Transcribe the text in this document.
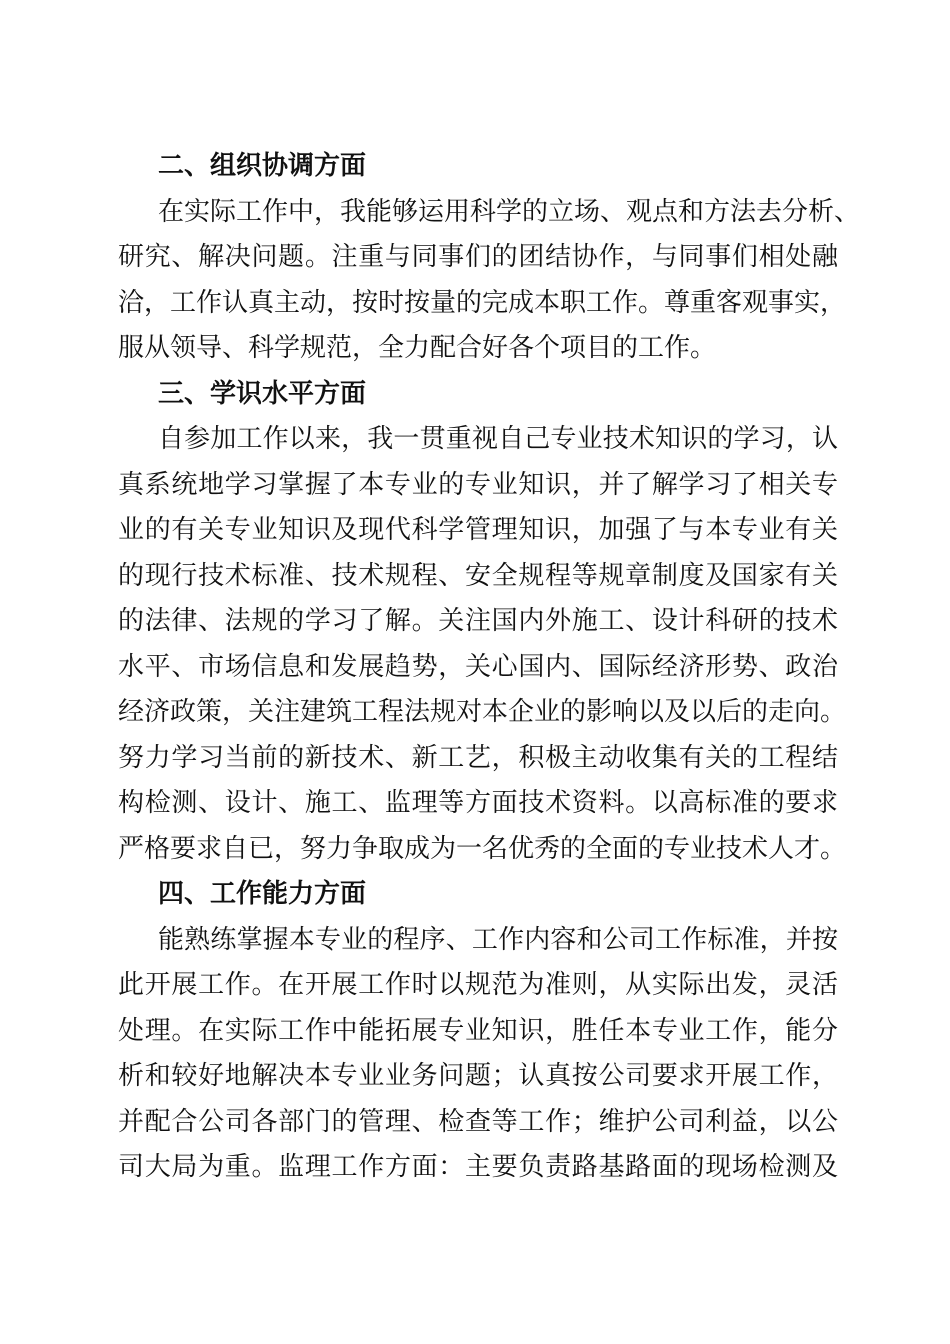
二、组织协调方面

在实际工作中，我能够运用科学的立场、观点和方法去分析、
研究、解决问题。注重与同事们的团结协作，与同事们相处融
洽，工作认真主动，按时按量的完成本职工作。尊重客观事实，
服从领导、科学规范，全力配合好各个项目的工作。

三、学识水平方面

自参加工作以来，我一贯重视自己专业技术知识的学习，认
真系统地学习掌握了本专业的专业知识，并了解学习了相关专
业的有关专业知识及现代科学管理知识，加强了与本专业有关
的现行技术标准、技术规程、安全规程等规章制度及国家有关
的法律、法规的学习了解。关注国内外施工、设计科研的技术
水平、市场信息和发展趋势，关心国内、国际经济形势、政治
经济政策，关注建筑工程法规对本企业的影响以及以后的走向。
努力学习当前的新技术、新工艺，积极主动收集有关的工程结
构检测、设计、施工、监理等方面技术资料。以高标准的要求
严格要求自已，努力争取成为一名优秀的全面的专业技术人才。

四、工作能力方面

能熟练掌握本专业的程序、工作内容和公司工作标准，并按
此开展工作。在开展工作时以规范为准则，从实际出发，灵活
处理。在实际工作中能拓展专业知识，胜任本专业工作，能分
析和较好地解决本专业业务问题；认真按公司要求开展工作，
并配合公司各部门的管理、检查等工作；维护公司利益，以公
司大局为重。监理工作方面：主要负责路基路面的现场检测及
